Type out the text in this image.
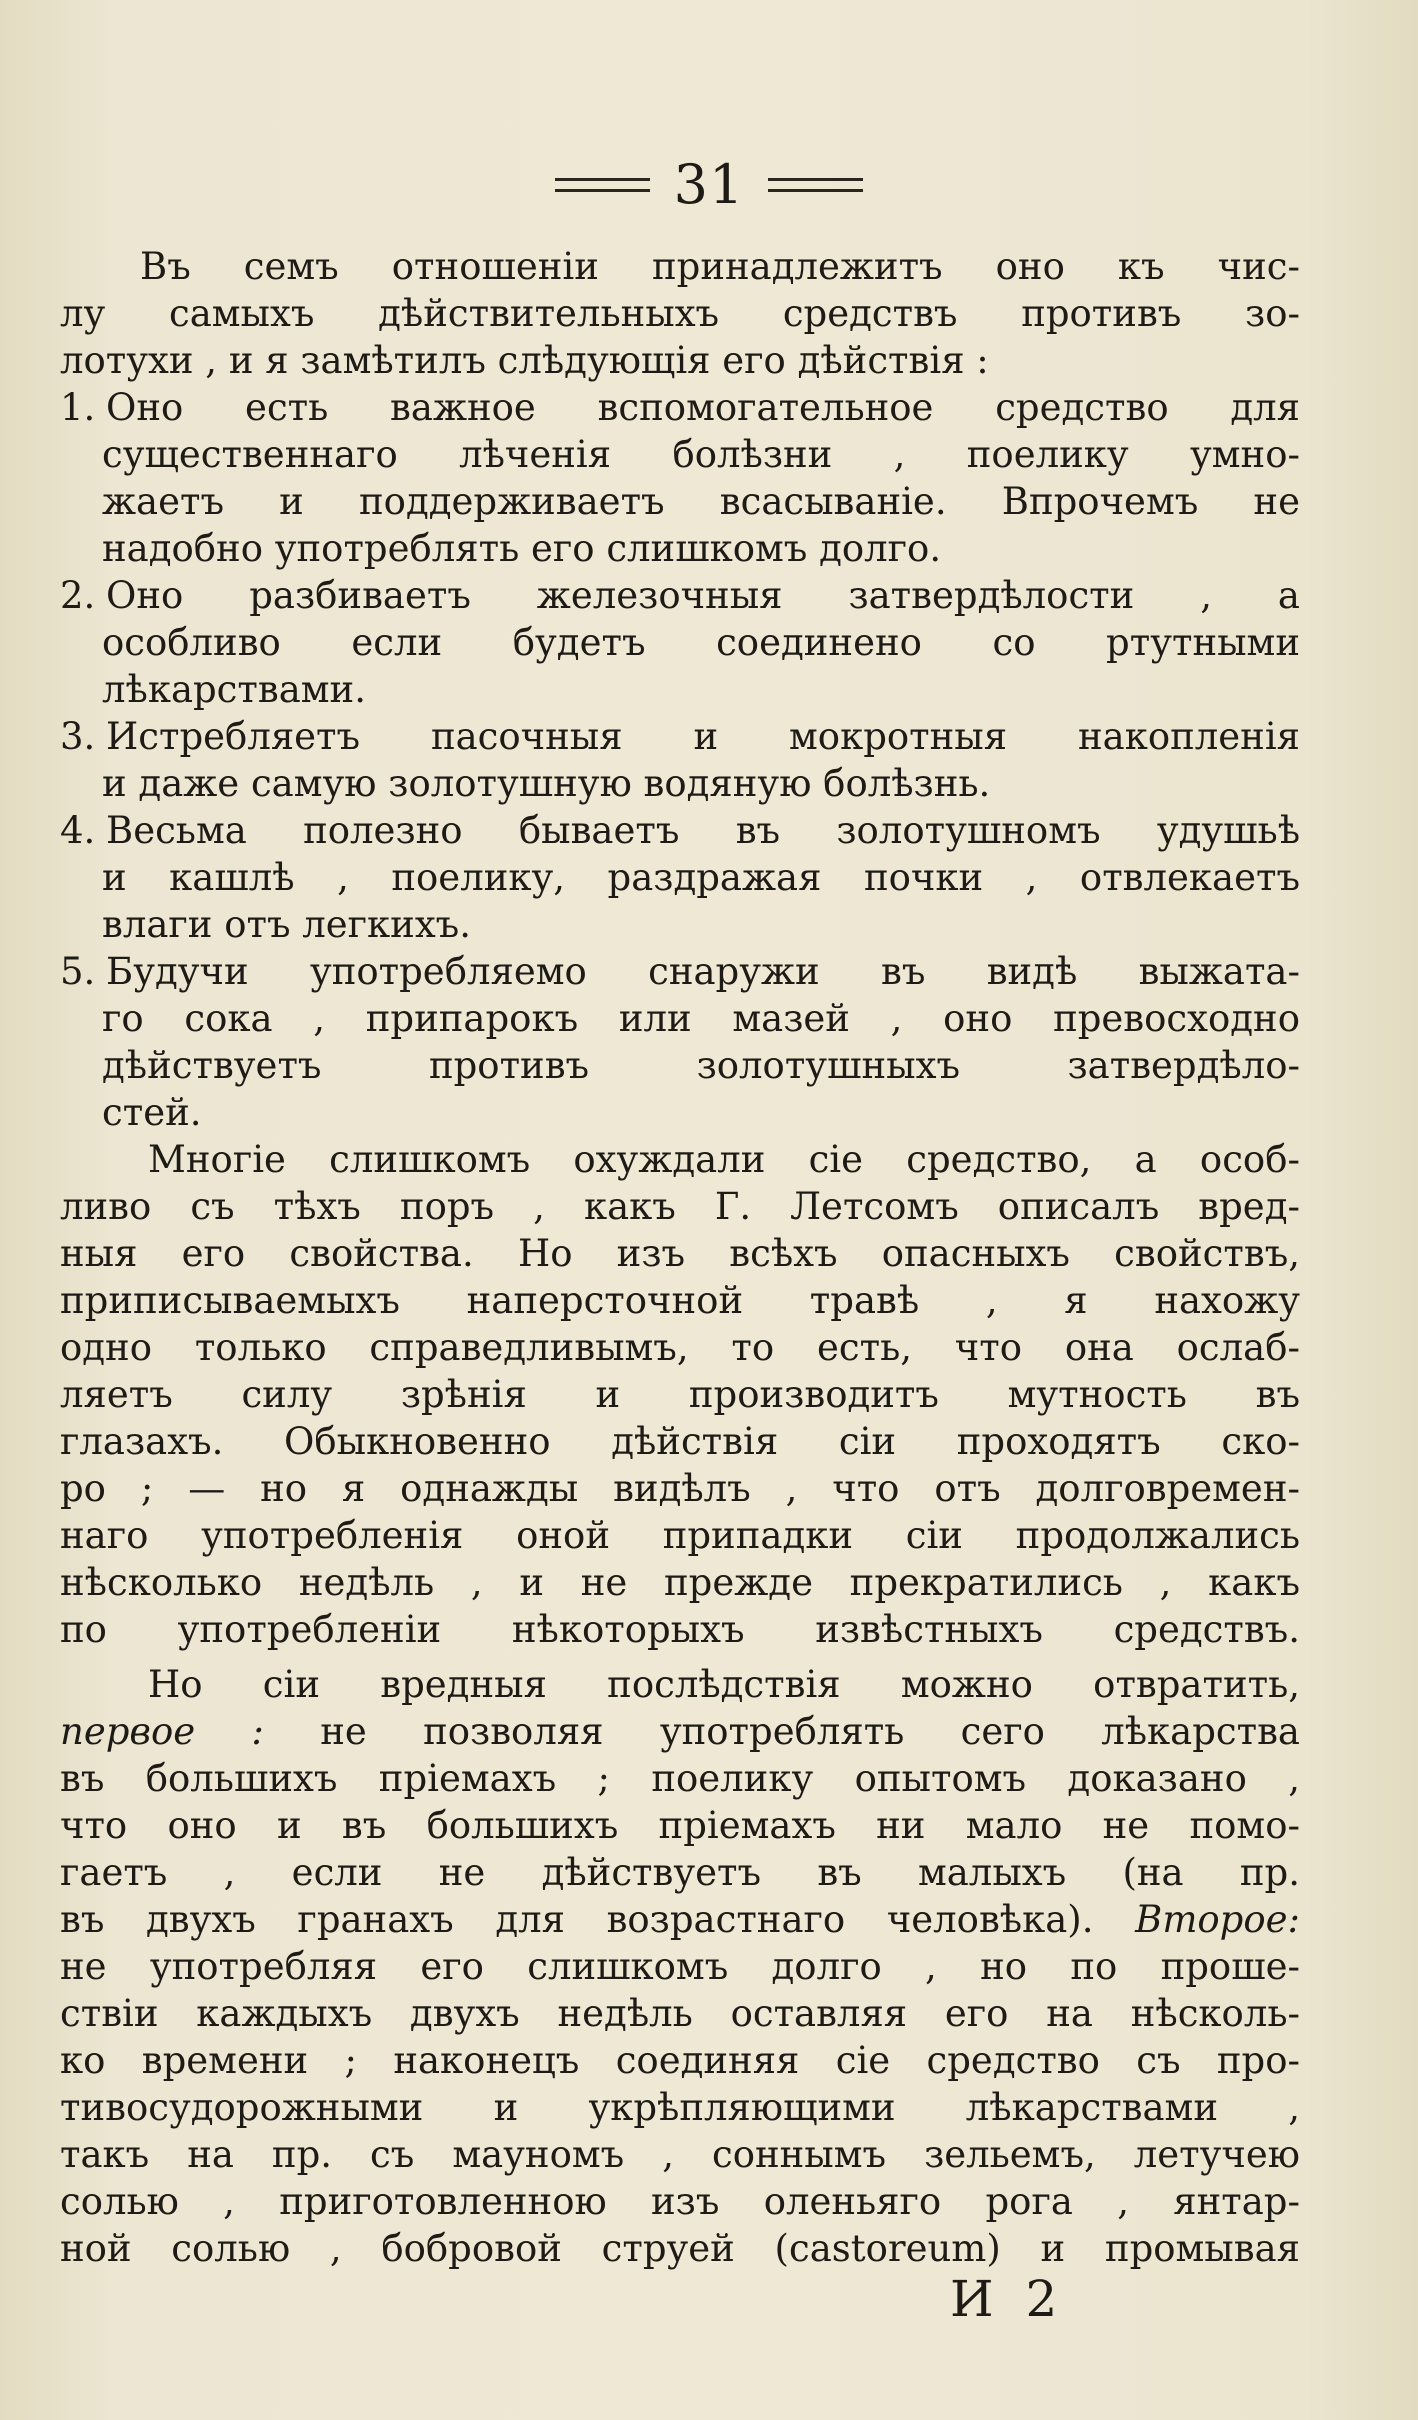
31
Въ семъ отношеніи принадлежитъ оно къ чис-
лу самыхъ дѣйствительныхъ средствъ противъ зо-
лотухи , и я замѣтилъ слѣдующія его дѣйствія :
1. Оно есть важное вспомогательное средство для
существеннаго лѣченія болѣзни , поелику умно-
жаетъ и поддерживаетъ всасываніе. Впрочемъ не
надобно употреблять его слишкомъ долго.
2. Оно разбиваетъ железочныя затвердѣлости , а
особливо если будетъ соединено со ртутными
лѣкарствами.
3. Истребляетъ пасочныя и мокротныя накопленія
и даже самую золотушную водяную болѣзнь.
4. Весьма полезно бываетъ въ золотушномъ удушьѣ
и кашлѣ , поелику, раздражая почки , отвлекаетъ
влаги отъ легкихъ.
5. Будучи употребляемо снаружи въ видѣ выжата-
го сока , припарокъ или мазей , оно превосходно
дѣйствуетъ противъ золотушныхъ затвердѣло-
стей.
Многіе слишкомъ охуждали сіе средство, а особ-
ливо съ тѣхъ поръ , какъ Г. Летсомъ описалъ вред-
ныя его свойства. Но изъ всѣхъ опасныхъ свойствъ,
приписываемыхъ наперсточной травѣ , я нахожу
одно только справедливымъ, то есть, что она ослаб-
ляетъ силу зрѣнія и производитъ мутность въ
глазахъ. Обыкновенно дѣйствія сіи проходятъ ско-
ро ; — но я однажды видѣлъ , что отъ долговремен-
наго употребленія оной припадки сіи продолжались
нѣсколько недѣль , и не прежде прекратились , какъ
по употребленіи нѣкоторыхъ извѣстныхъ средствъ.
Но сіи вредныя послѣдствія можно отвратить,
первое : не позволяя употреблять сего лѣкарства
въ большихъ пріемахъ ; поелику опытомъ доказано ,
что оно и въ большихъ пріемахъ ни мало не помо-
гаетъ , если не дѣйствуетъ въ малыхъ (на пр.
въ двухъ гранахъ для возрастнаго человѣка). Второе:
не употребляя его слишкомъ долго , но по проше-
ствіи каждыхъ двухъ недѣль оставляя его на нѣсколь-
ко времени ; наконецъ соединяя сіе средство съ про-
тивосудорожными и укрѣпляющими лѣкарствами ,
такъ на пр. съ мауномъ , соннымъ зельемъ, летучею
солью , приготовленною изъ оленьяго рога , янтар-
ной солью , бобровой струей (castoreum) и промывая
И 2
